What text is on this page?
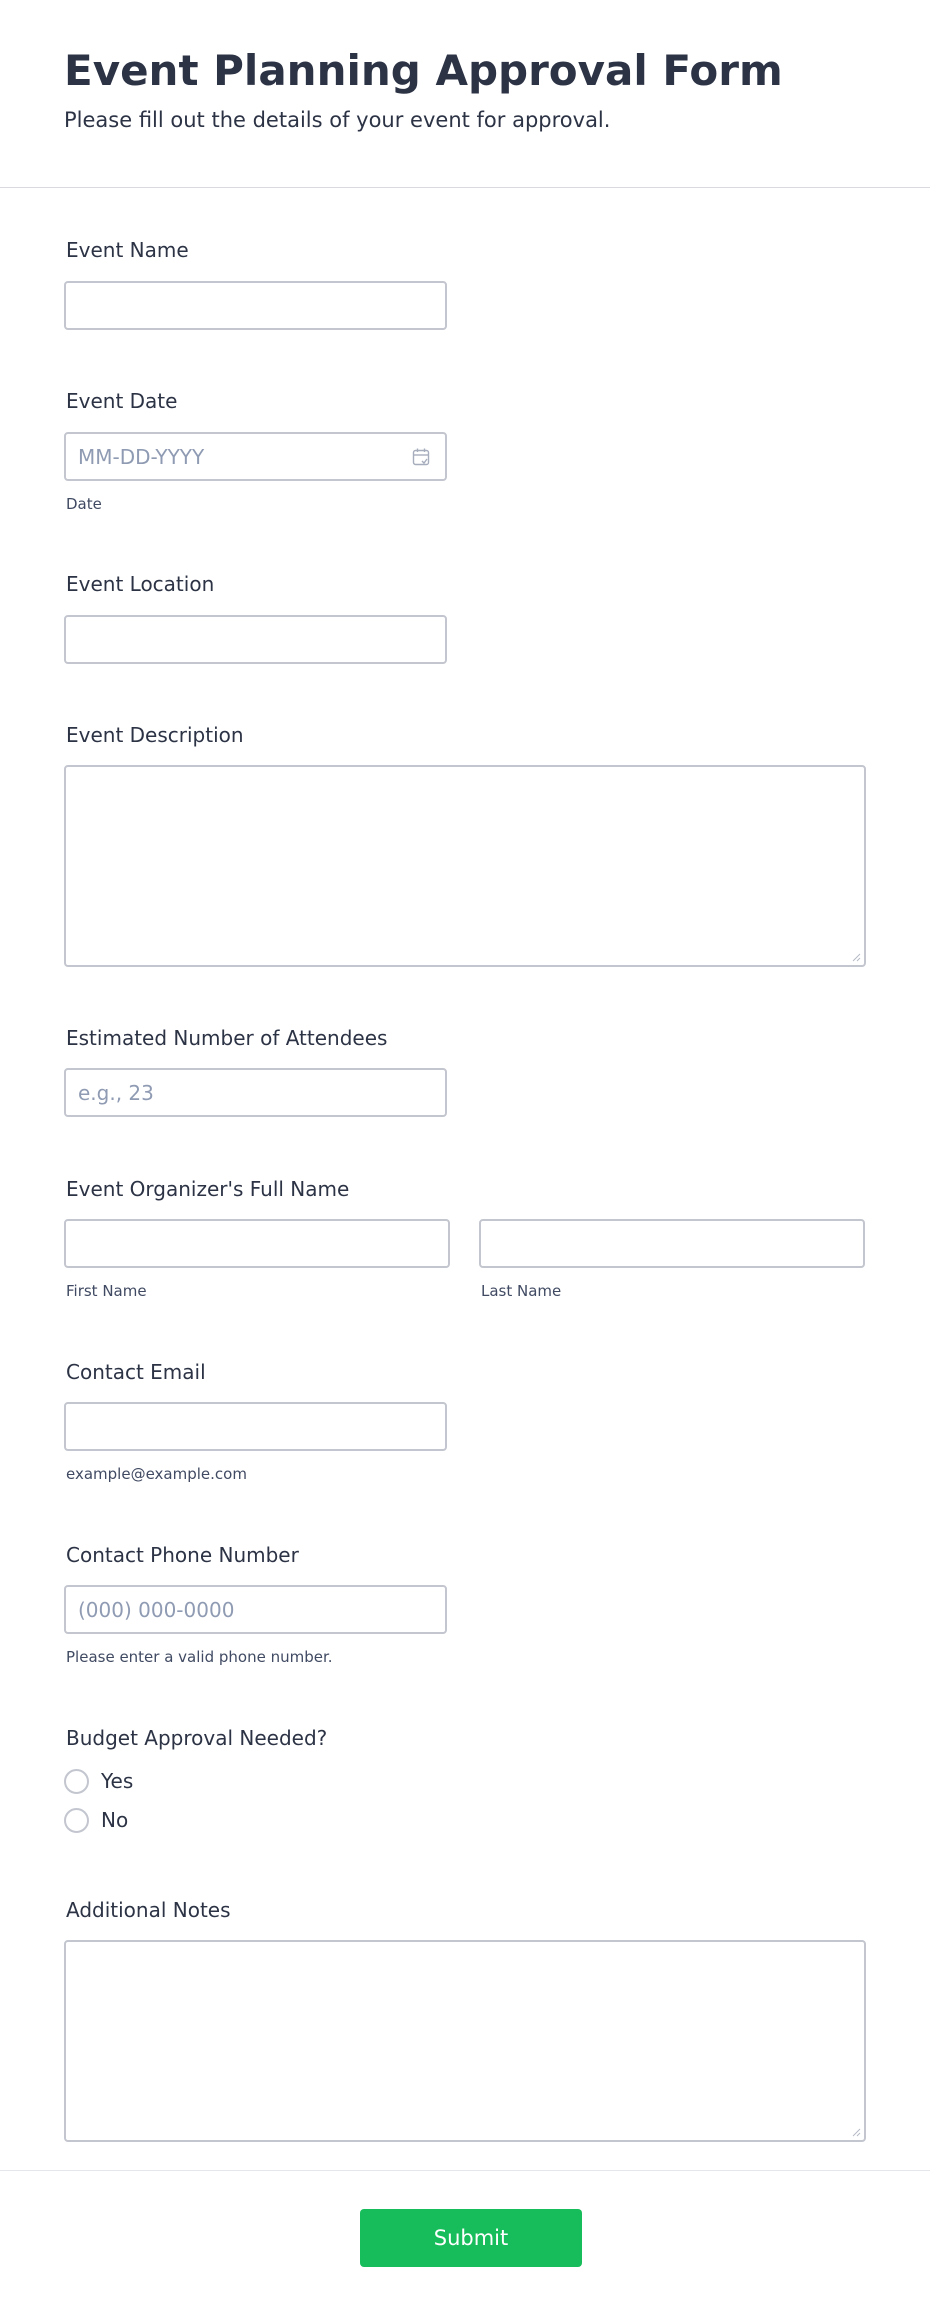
Event Planning Approval Form
Please fill out the details of your event for approval.
Event Name
Event Date
MM-DD-YYYY
Date
Event Location
Event Description
Estimated Number of Attendees
e.g., 23
Event Organizer's Full Name
First Name	Last Name
Contact Email
example@example.com
Contact Phone Number
(000) 000-0000
Please enter a valid phone number.
Budget Approval Needed?
Yes
No
Additional Notes
Submit
